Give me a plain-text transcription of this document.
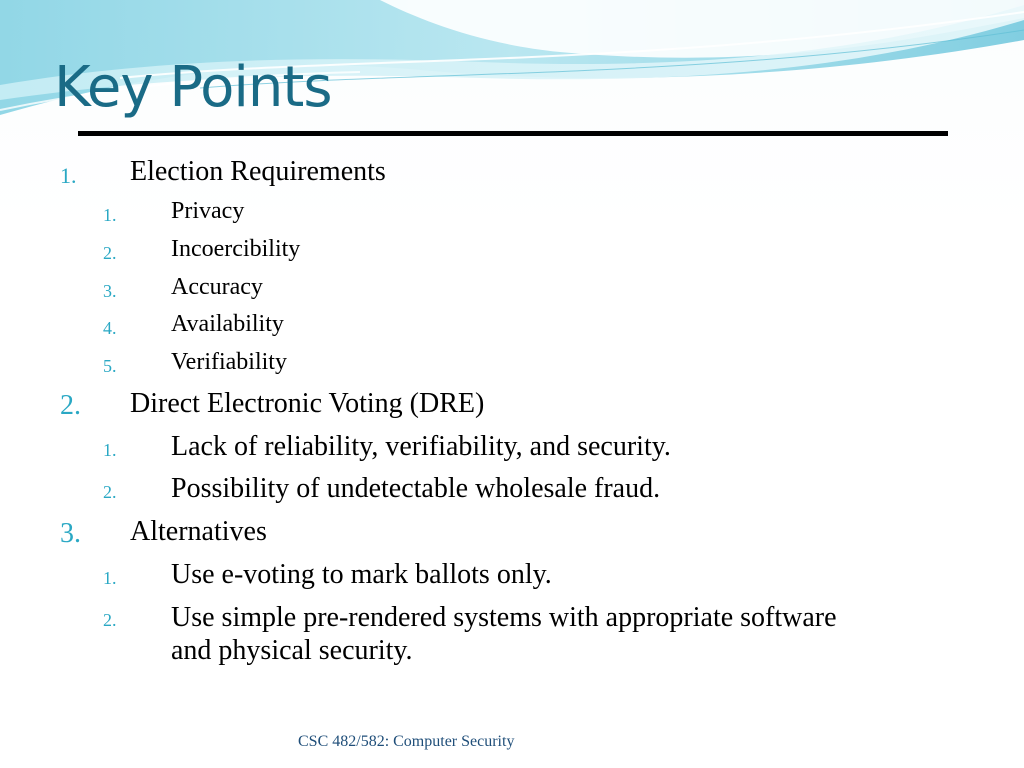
Key Points
1. Election Requirements
1. Privacy
2. Incoercibility
3. Accuracy
4. Availability
5. Verifiability
2. Direct Electronic Voting (DRE)
1. Lack of reliability, verifiability, and security.
2. Possibility of undetectable wholesale fraud.
3. Alternatives
1. Use e-voting to mark ballots only.
2. Use simple pre-rendered systems with appropriate software and physical security.
CSC 482/582: Computer Security
